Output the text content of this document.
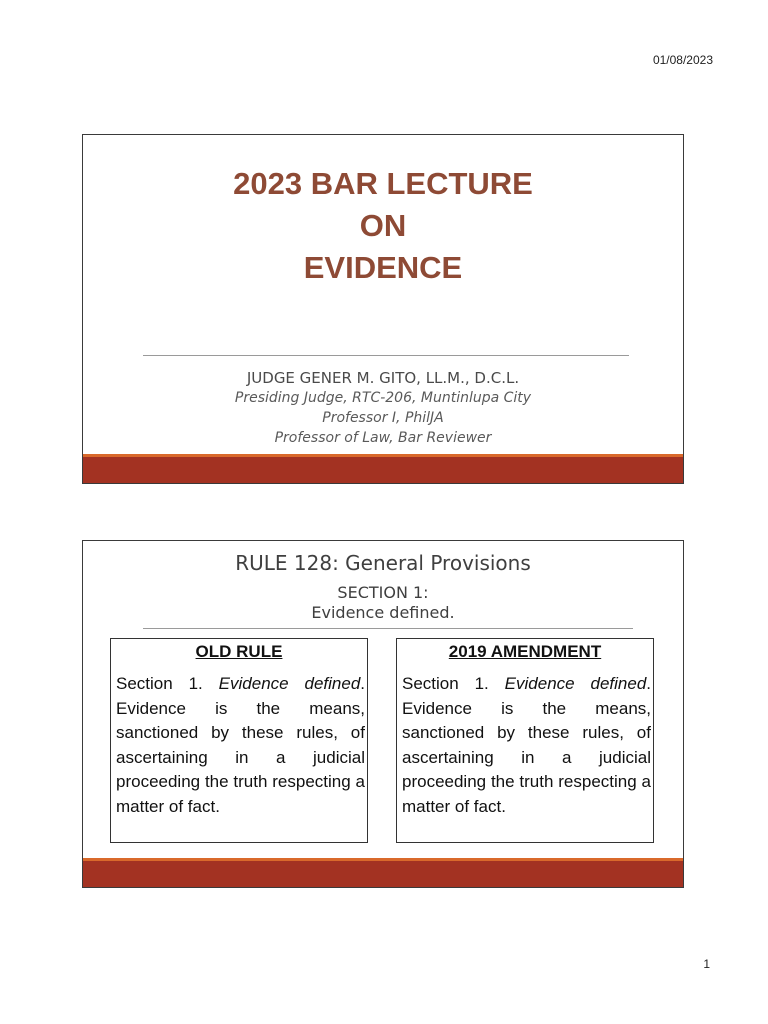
01/08/2023
2023 BAR LECTURE
ON
EVIDENCE
JUDGE GENER M. GITO, LL.M., D.C.L.
Presiding Judge, RTC-206, Muntinlupa City
Professor I, PhilJA
Professor of Law, Bar Reviewer
RULE 128: General Provisions
SECTION 1:
Evidence defined.
OLD RULE
Section 1. Evidence defined. Evidence is the means, sanctioned by these rules, of ascertaining in a judicial proceeding the truth respecting a matter of fact.
2019 AMENDMENT
Section 1. Evidence defined. Evidence is the means, sanctioned by these rules, of ascertaining in a judicial proceeding the truth respecting a matter of fact.
1
